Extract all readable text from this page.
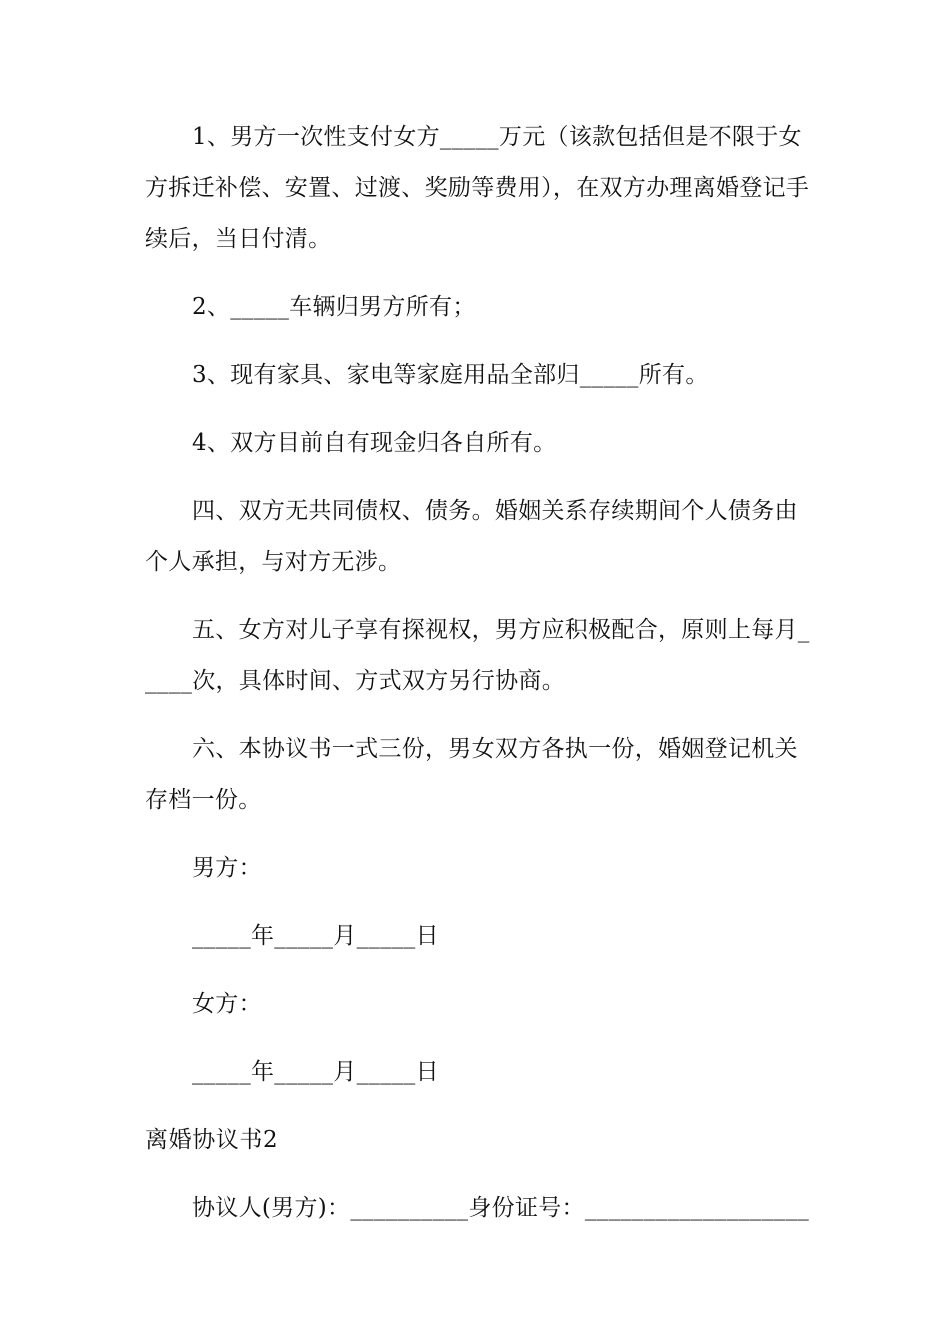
1、男方一次性支付女方_____万元（该款包括但是不限于女方拆迁补偿、安置、过渡、奖励等费用），在双方办理离婚登记手续后，当日付清。

2、_____车辆归男方所有；

3、现有家具、家电等家庭用品全部归_____所有。

4、双方目前自有现金归各自所有。

四、双方无共同债权、债务。婚姻关系存续期间个人债务由个人承担，与对方无涉。

五、女方对儿子享有探视权，男方应积极配合，原则上每月_____次，具体时间、方式双方另行协商。

六、本协议书一式三份，男女双方各执一份，婚姻登记机关存档一份。

男方：

_____年_____月_____日

女方：

_____年_____月_____日

离婚协议书2

协议人(男方)：__________身份证号：___________________
